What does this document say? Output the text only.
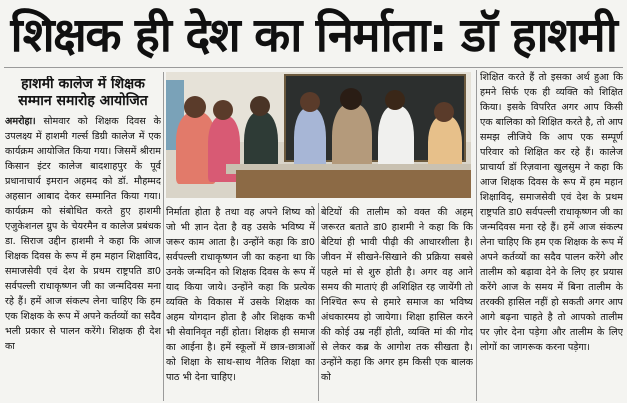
शिक्षक ही देश का निर्माता: डॉ हाशमी

हाशमी कालेज में शिक्षक सम्मान समारोह आयोजित

अमरोहा। सोमवार को शिक्षक दिवस के उपलक्ष्य में हाशमी गर्ल्स डिग्री कालेज में एक कार्यक्रम आयोजित किया गया। जिसमें श्रीराम किसान इंटर कालेज बादशाहपुर के पूर्व प्रधानाचार्य इमरान अहमद को डॉ. मौहम्मद अहसान आबाद देकर सम्मानित किया गया। कार्यक्रम को संबोधित करते हुए हाशमी एजुकेशनल ग्रुप के चेयरमैन व कालेज प्रबंधक डा. सिराज उद्दीन हाशमी ने कहा कि आज शिक्षक दिवस के रूप में हम महान शिक्षाविद, समाजसेवी एवं देश के प्रथम राष्ट्रपति डा0 सर्वपल्ली राधाकृष्णन जी का जन्मदिवस मना रहे हैं। हमें आज संकल्प लेना चाहिए कि हम एक शिक्षक के रूप में अपने कर्तव्यों का सदैव भली प्रकार से पालन करेंगे। शिक्षक ही देश का

निर्माता होता है तथा वह अपने शिष्य को जो भी ज्ञान देता है वह उसके भविष्य में जरूर काम आता है। उन्होंने कहा कि डा0 सर्वपल्ली राधाकृष्णन जी का कहना था कि उनके जन्मदिन को शिक्षक दिवस के रूप में याद किया जाये। उन्होंने कहा कि प्रत्येक व्यक्ति के विकास में उसके शिक्षक का अहम योगदान होता है और शिक्षक कभी भी सेवानिवृत नहीं होता। शिक्षक ही समाज का आईना है। हमें स्कूलों में छात्र-छात्राओं को शिक्षा के साथ-साथ नैतिक शिक्षा का पाठ भी देना चाहिए।

बेटियों की तालीम को वक्त की अहम् जरूरत बताते डा0 हाशमी ने कहा कि कि बेटियां ही भावी पीढ़ी की आधारशीला है। जीवन में सीखने-सिखाने की प्रक्रिया सबसे पहले मां से शुरु होती है। अगर वह आने समय की माताएं ही अशिक्षित रह जायेंगी तो निश्चित रूप से हमारे समाज का भविष्य अंधकारमय हो जायेगा। शिक्षा हासिल करने की कोई उम्र नहीं होती, व्यक्ति मां की गोद से लेकर कब्र के आगोश तक सीखता है। उन्होंने कहा कि अगर हम किसी एक बालक को

शिक्षित करते हैं तो इसका अर्थ हुआ कि हमने सिर्फ एक ही व्यक्ति को शिक्षित किया। इसके विपरित अगर आप किसी एक बालिका को शिक्षित करते है, तो आप समझ लीजिये कि आप एक सम्पूर्ण परिवार को शिक्षित कर रहे हैं। कालेज प्राचार्या डॉ रिज़वाना खुलसुम ने कहा कि आज शिक्षक दिवस के रूप में हम महान शिक्षाविद्, समाजसेवी एवं देश के प्रथम राष्ट्रपति डा0 सर्वपल्ली राधाकृष्णन जी का जन्मदिवस मना रहे हैं। हमें आज संकल्प लेना चाहिए कि हम एक शिक्षक के रूप में अपने कर्तव्यों का सदैव पालन करेंगे और तालीम को बढ़ावा देने के लिए हर प्रयास करेंगे आज के समय में बिना तालीम के तरक्की हासिल नहीं हो सकती अगर आप आगे बढ़ना चाहते है तो आपको तालीम पर ज़ोर देना पड़ेगा और तालीम के लिए लोगों का जागरूक करना पड़ेगा।
